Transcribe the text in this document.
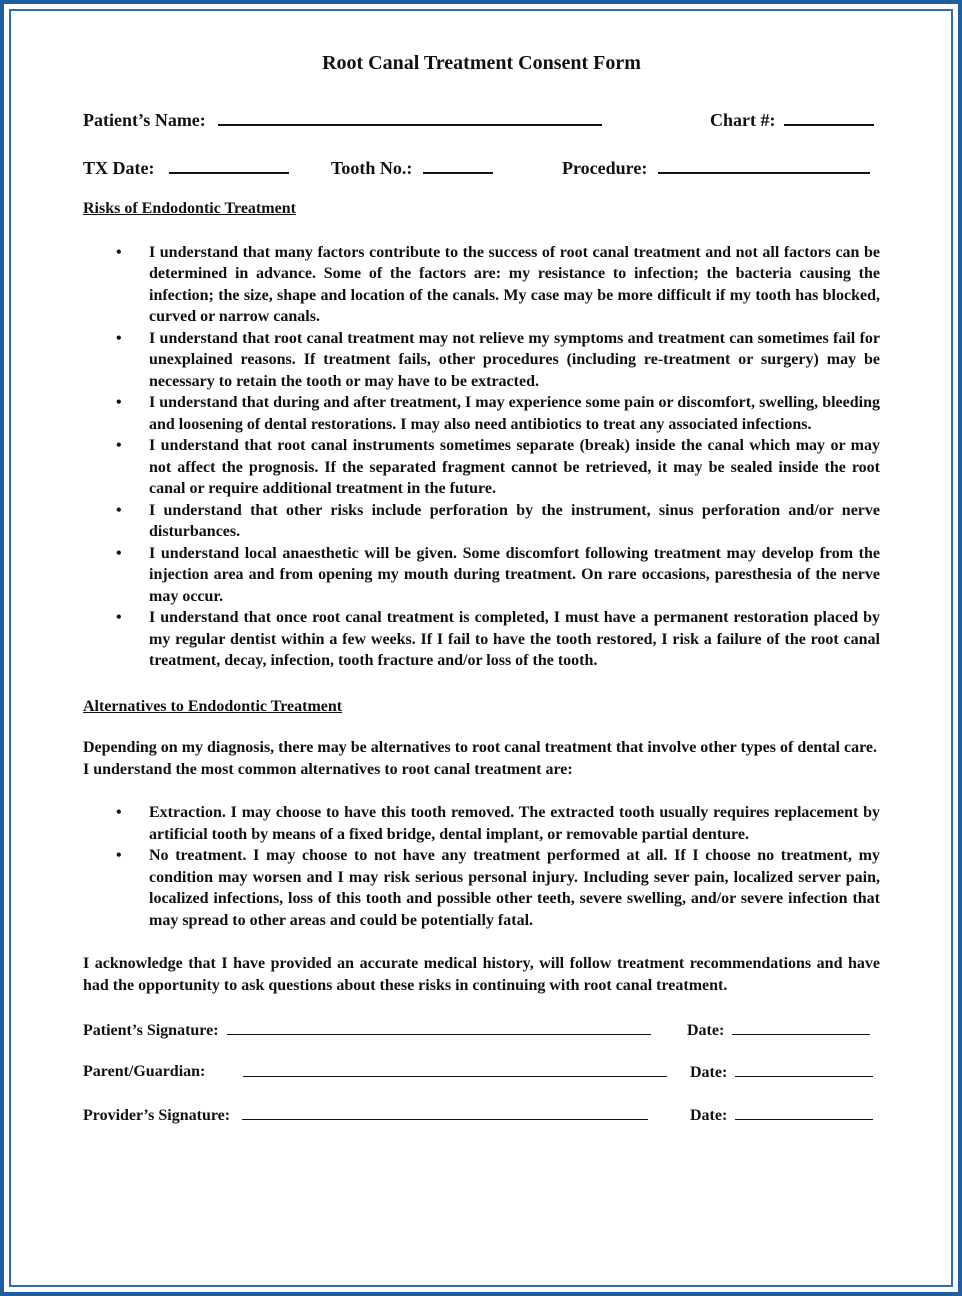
Root Canal Treatment Consent Form
Patient’s Name:	Chart #:
TX Date:	Tooth No.:	Procedure:
Risks of Endodontic Treatment
• I understand that many factors contribute to the success of root canal treatment and not all factors can be determined in advance. Some of the factors are: my resistance to infection; the bacteria causing the infection; the size, shape and location of the canals. My case may be more difficult if my tooth has blocked, curved or narrow canals.
• I understand that root canal treatment may not relieve my symptoms and treatment can sometimes fail for unexplained reasons. If treatment fails, other procedures (including re-treatment or surgery) may be necessary to retain the tooth or may have to be extracted.
• I understand that during and after treatment, I may experience some pain or discomfort, swelling, bleeding and loosening of dental restorations. I may also need antibiotics to treat any associated infections.
• I understand that root canal instruments sometimes separate (break) inside the canal which may or may not affect the prognosis. If the separated fragment cannot be retrieved, it may be sealed inside the root canal or require additional treatment in the future.
• I understand that other risks include perforation by the instrument, sinus perforation and/or nerve disturbances.
• I understand local anaesthetic will be given. Some discomfort following treatment may develop from the injection area and from opening my mouth during treatment. On rare occasions, paresthesia of the nerve may occur.
• I understand that once root canal treatment is completed, I must have a permanent restoration placed by my regular dentist within a few weeks. If I fail to have the tooth restored, I risk a failure of the root canal treatment, decay, infection, tooth fracture and/or loss of the tooth.
Alternatives to Endodontic Treatment

Depending on my diagnosis, there may be alternatives to root canal treatment that involve other types of dental care. I understand the most common alternatives to root canal treatment are:

• Extraction. I may choose to have this tooth removed. The extracted tooth usually requires replacement by artificial tooth by means of a fixed bridge, dental implant, or removable partial denture.
• No treatment. I may choose to not have any treatment performed at all. If I choose no treatment, my condition may worsen and I may risk serious personal injury. Including sever pain, localized server pain, localized infections, loss of this tooth and possible other teeth, severe swelling, and/or severe infection that may spread to other areas and could be potentially fatal.

I acknowledge that I have provided an accurate medical history, will follow treatment recommendations and have had the opportunity to ask questions about these risks in continuing with root canal treatment.

Patient’s Signature:	Date:
Parent/Guardian:	Date:
Provider’s Signature:	Date:
